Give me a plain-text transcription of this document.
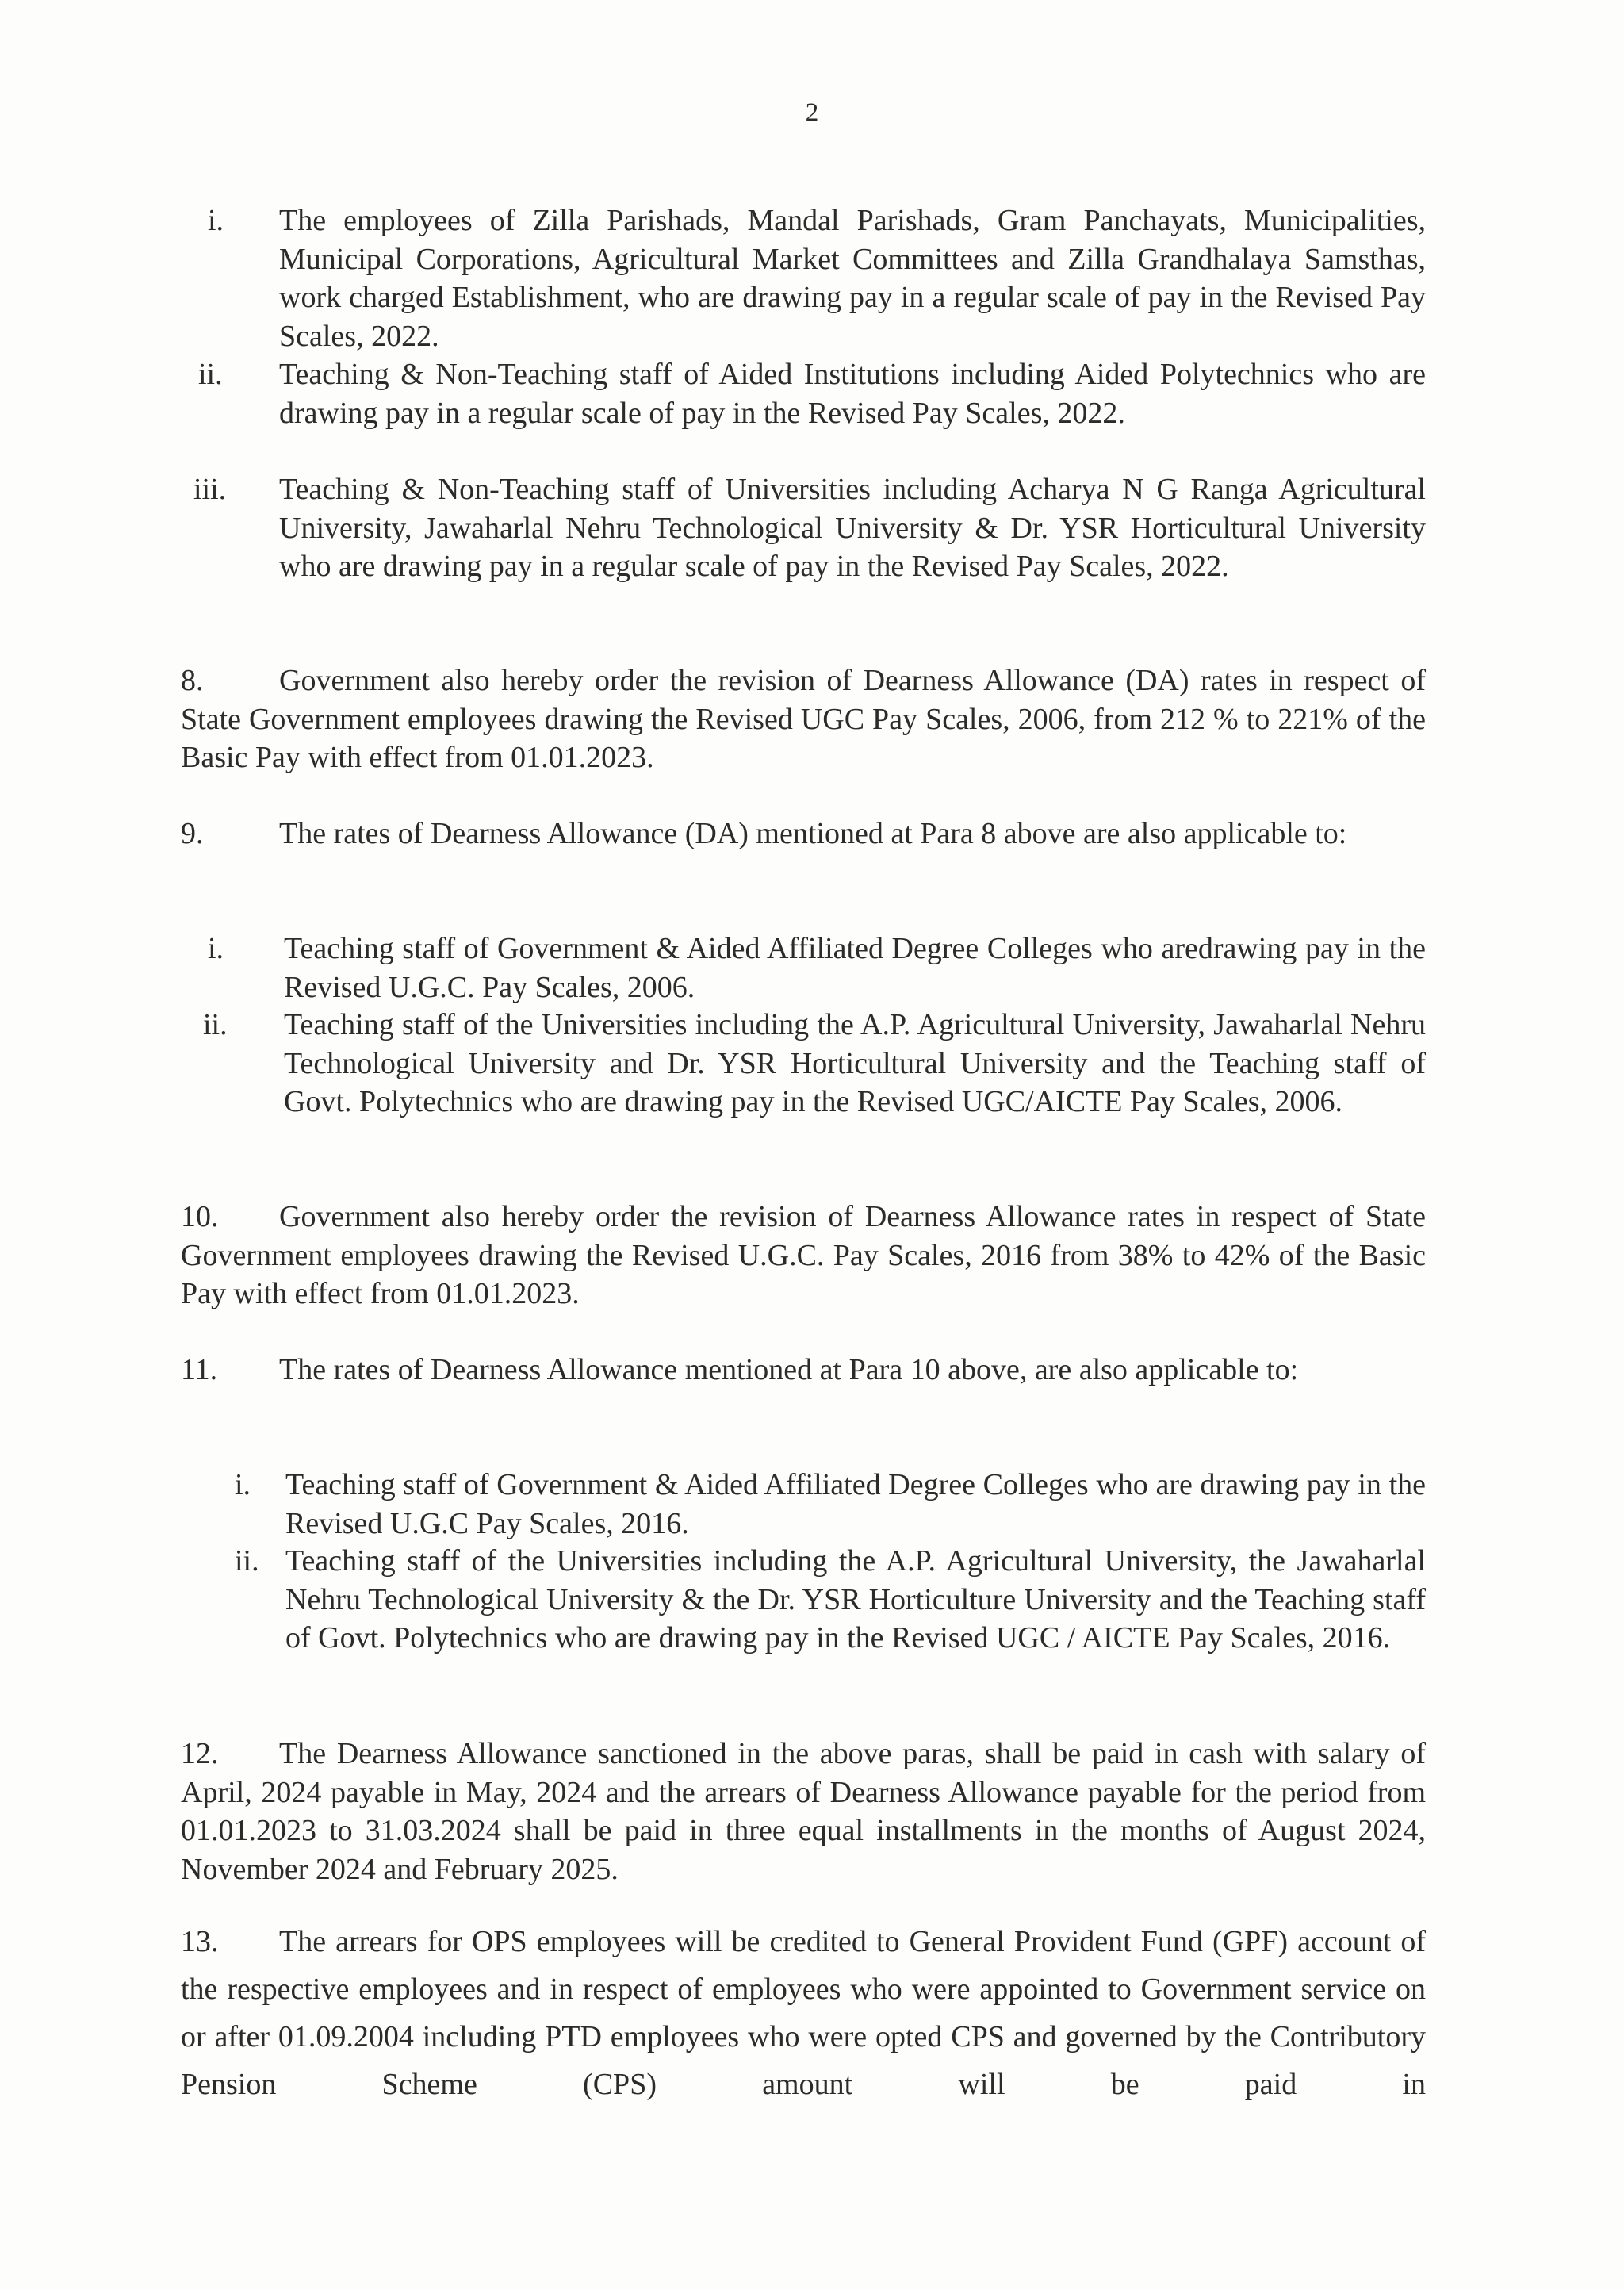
2
i. The employees of Zilla Parishads, Mandal Parishads, Gram Panchayats, Municipalities, Municipal Corporations, Agricultural Market Committees and Zilla Grandhalaya Samsthas, work charged Establishment, who are drawing pay in a regular scale of pay in the Revised Pay Scales, 2022.
ii. Teaching & Non-Teaching staff of Aided Institutions including Aided Polytechnics who are drawing pay in a regular scale of pay in the Revised Pay Scales, 2022.
iii. Teaching & Non-Teaching staff of Universities including Acharya N G Ranga Agricultural University, Jawaharlal Nehru Technological University & Dr. YSR Horticultural University who are drawing pay in a regular scale of pay in the Revised Pay Scales, 2022.
8.	Government also hereby order the revision of Dearness Allowance (DA) rates in respect of State Government employees drawing the Revised UGC Pay Scales, 2006, from 212 % to 221% of the Basic Pay with effect from 01.01.2023.
9.	The rates of Dearness Allowance (DA) mentioned at Para 8 above are also applicable to:
i. Teaching staff of Government & Aided Affiliated Degree Colleges who aredrawing pay in the Revised U.G.C. Pay Scales, 2006.
ii. Teaching staff of the Universities including the A.P. Agricultural University, Jawaharlal Nehru Technological University and Dr. YSR Horticultural University and the Teaching staff of Govt. Polytechnics who are drawing pay in the Revised UGC/AICTE Pay Scales, 2006.
10.	Government also hereby order the revision of Dearness Allowance rates in respect of State Government employees drawing the Revised U.G.C. Pay Scales, 2016 from 38% to 42% of the Basic Pay with effect from 01.01.2023.
11.	The rates of Dearness Allowance mentioned at Para 10 above, are also applicable to:
i. Teaching staff of Government & Aided Affiliated Degree Colleges who are drawing pay in the Revised U.G.C Pay Scales, 2016.
ii. Teaching staff of the Universities including the A.P. Agricultural University, the Jawaharlal Nehru Technological University & the Dr. YSR Horticulture University and the Teaching staff of Govt. Polytechnics who are drawing pay in the Revised UGC / AICTE Pay Scales, 2016.
12.	The Dearness Allowance sanctioned in the above paras, shall be paid in cash with salary of April, 2024 payable in May, 2024 and the arrears of Dearness Allowance payable for the period from 01.01.2023 to 31.03.2024 shall be paid in three equal installments in the months of August 2024, November 2024 and February 2025.
13.	The arrears for OPS employees will be credited to General Provident Fund (GPF) account of the respective employees and in respect of employees who were appointed to Government service on or after 01.09.2004 including PTD employees who were opted CPS and governed by the Contributory Pension Scheme (CPS) amount will be paid in
